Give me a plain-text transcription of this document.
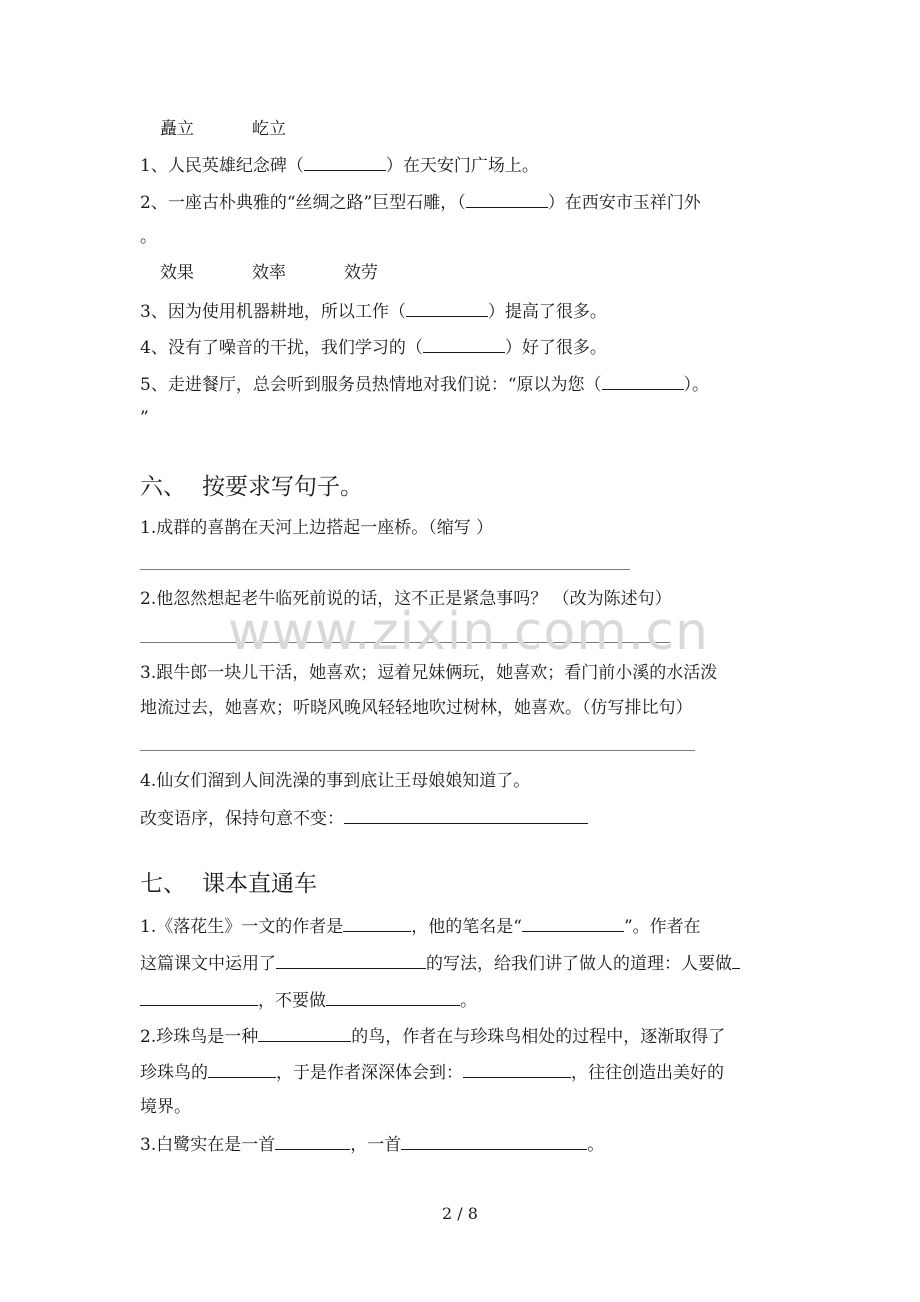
矗立	屹立
1、人民英雄纪念碑（	）在天安门广场上。
2、一座古朴典雅的“丝绸之路”巨型石雕，（	）在西安市玉祥门外
。
效果	效率	效劳
3、因为使用机器耕地，所以工作（	）提高了很多。
4、没有了噪音的干扰，我们学习的（	）好了很多。
5、走进餐厅，总会听到服务员热情地对我们说：“原以为您（	）。
”
六、 按要求写句子。
1.成群的喜鹊在天河上边搭起一座桥。（缩写 ）
2.他忽然想起老牛临死前说的话，这不正是紧急事吗？ （改为陈述句）
3.跟牛郎一块儿干活，她喜欢；逗着兄妹俩玩，她喜欢；看门前小溪的水活泼
地流过去，她喜欢；听晓风晚风轻轻地吹过树林，她喜欢。（仿写排比句）
4.仙女们溜到人间洗澡的事到底让王母娘娘知道了。
改变语序，保持句意不变：
七、 课本直通车
1.《落花生》一文的作者是	，他的笔名是“	”。作者在
这篇课文中运用了	的写法，给我们讲了做人的道理：人要做
，不要做	。
2.珍珠鸟是一种	的鸟，作者在与珍珠鸟相处的过程中，逐渐取得了
珍珠鸟的	，于是作者深深体会到：	，往往创造出美好的
境界。
3.白鹭实在是一首	，一首	。
www.zixin.com.cn
2 / 8
